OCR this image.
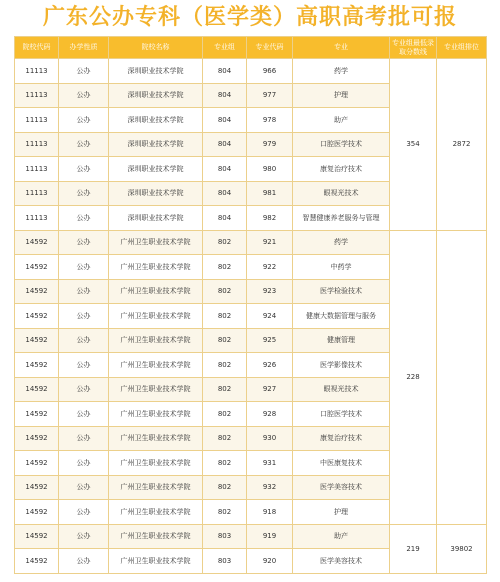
广东公办专科（医学类）高职高考批可报
院校代码	办学性质	院校名称	专业组	专业代码	专业	专业组最低录取分数线	专业组排位
11113	公办	深圳职业技术学院	804	966	药学	354	2872
11113	公办	深圳职业技术学院	804	977	护理		
11113	公办	深圳职业技术学院	804	978	助产		
11113	公办	深圳职业技术学院	804	979	口腔医学技术		
11113	公办	深圳职业技术学院	804	980	康复治疗技术		
11113	公办	深圳职业技术学院	804	981	眼视光技术		
11113	公办	深圳职业技术学院	804	982	智慧健康养老服务与管理		
14592	公办	广州卫生职业技术学院	802	921	药学	228	
14592	公办	广州卫生职业技术学院	802	922	中药学		
14592	公办	广州卫生职业技术学院	802	923	医学检验技术		
14592	公办	广州卫生职业技术学院	802	924	健康大数据管理与服务		
14592	公办	广州卫生职业技术学院	802	925	健康管理		
14592	公办	广州卫生职业技术学院	802	926	医学影像技术		
14592	公办	广州卫生职业技术学院	802	927	眼视光技术		
14592	公办	广州卫生职业技术学院	802	928	口腔医学技术		
14592	公办	广州卫生职业技术学院	802	930	康复治疗技术		
14592	公办	广州卫生职业技术学院	802	931	中医康复技术		
14592	公办	广州卫生职业技术学院	802	932	医学美容技术		
14592	公办	广州卫生职业技术学院	802	918	护理		
14592	公办	广州卫生职业技术学院	803	919	助产	219	39802
14592	公办	广州卫生职业技术学院	803	920	医学美容技术		
